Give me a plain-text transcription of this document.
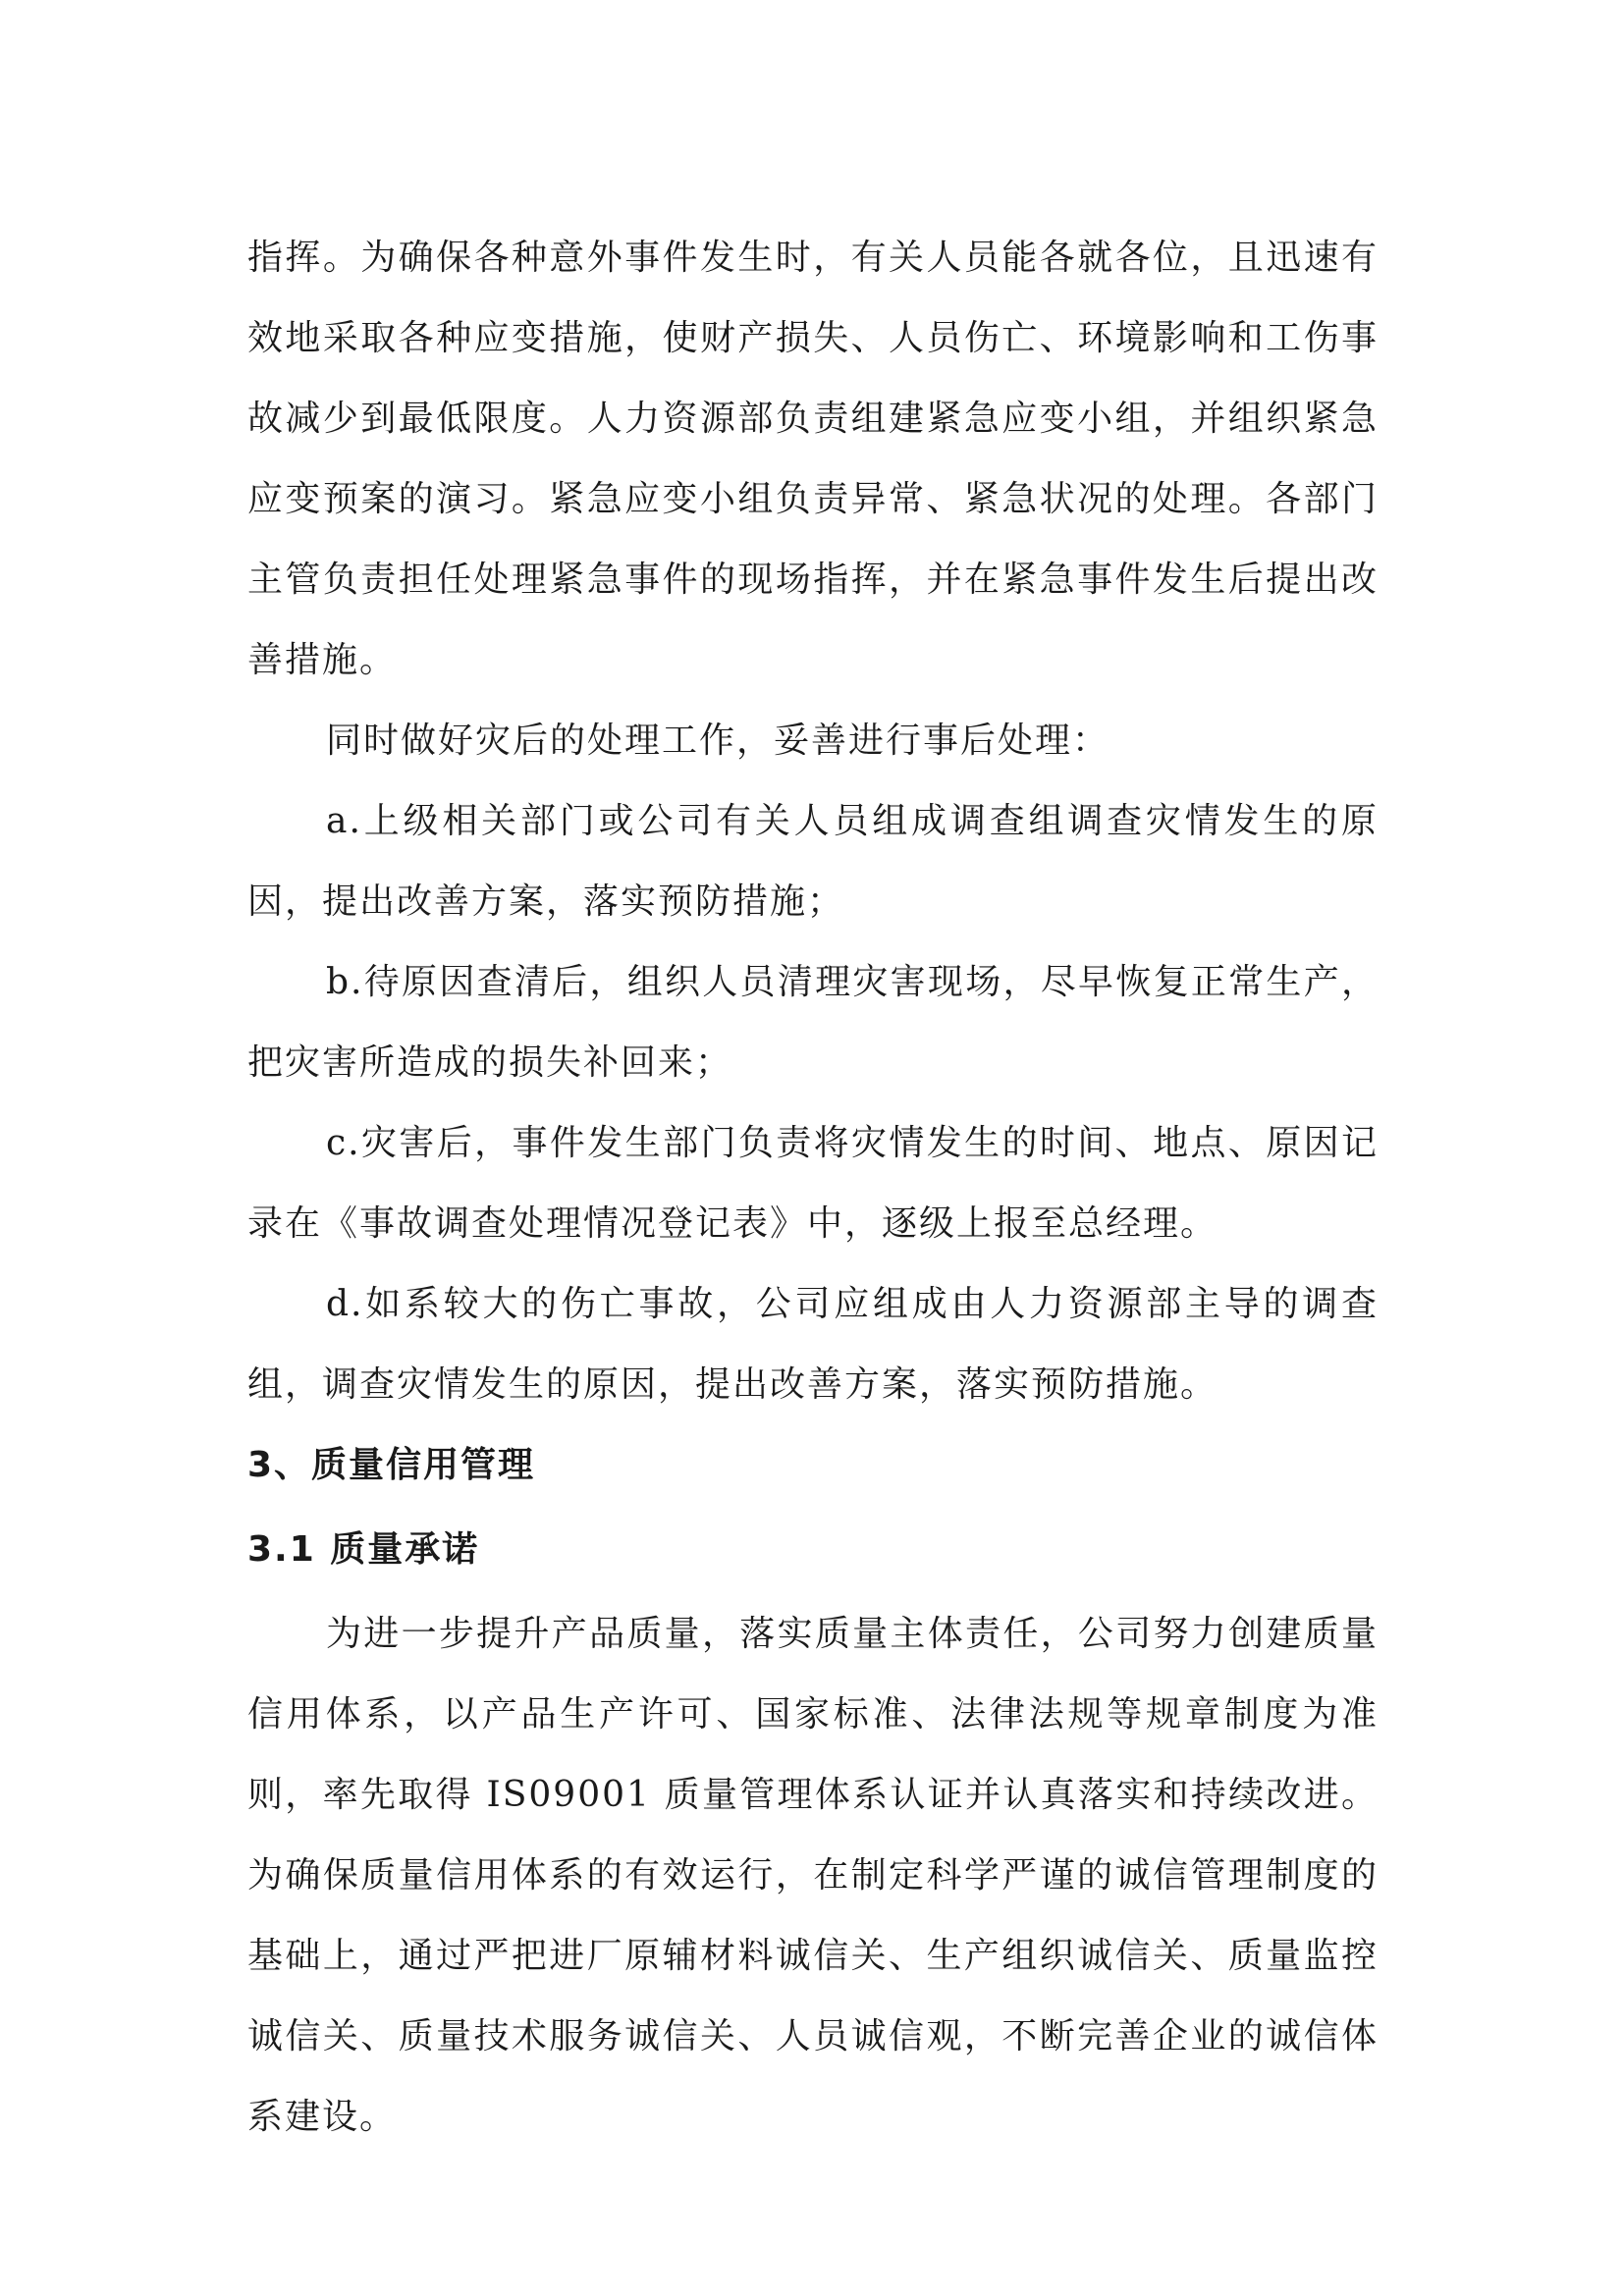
指挥。为确保各种意外事件发生时，有关人员能各就各位，且迅速有效地采取各种应变措施，使财产损失、人员伤亡、环境影响和工伤事故减少到最低限度。人力资源部负责组建紧急应变小组，并组织紧急应变预案的演习。紧急应变小组负责异常、紧急状况的处理。各部门主管负责担任处理紧急事件的现场指挥，并在紧急事件发生后提出改善措施。

同时做好灾后的处理工作，妥善进行事后处理：

a.上级相关部门或公司有关人员组成调查组调查灾情发生的原因，提出改善方案，落实预防措施；

b.待原因查清后，组织人员清理灾害现场，尽早恢复正常生产，把灾害所造成的损失补回来；

c.灾害后，事件发生部门负责将灾情发生的时间、地点、原因记录在《事故调查处理情况登记表》中，逐级上报至总经理。

d.如系较大的伤亡事故，公司应组成由人力资源部主导的调查组，调查灾情发生的原因，提出改善方案，落实预防措施。

3、质量信用管理
3.1 质量承诺

为进一步提升产品质量，落实质量主体责任，公司努力创建质量信用体系，以产品生产许可、国家标准、法律法规等规章制度为准则，率先取得 IS09001 质量管理体系认证并认真落实和持续改进。为确保质量信用体系的有效运行，在制定科学严谨的诚信管理制度的基础上，通过严把进厂原辅材料诚信关、生产组织诚信关、质量监控诚信关、质量技术服务诚信关、人员诚信观，不断完善企业的诚信体系建设。
